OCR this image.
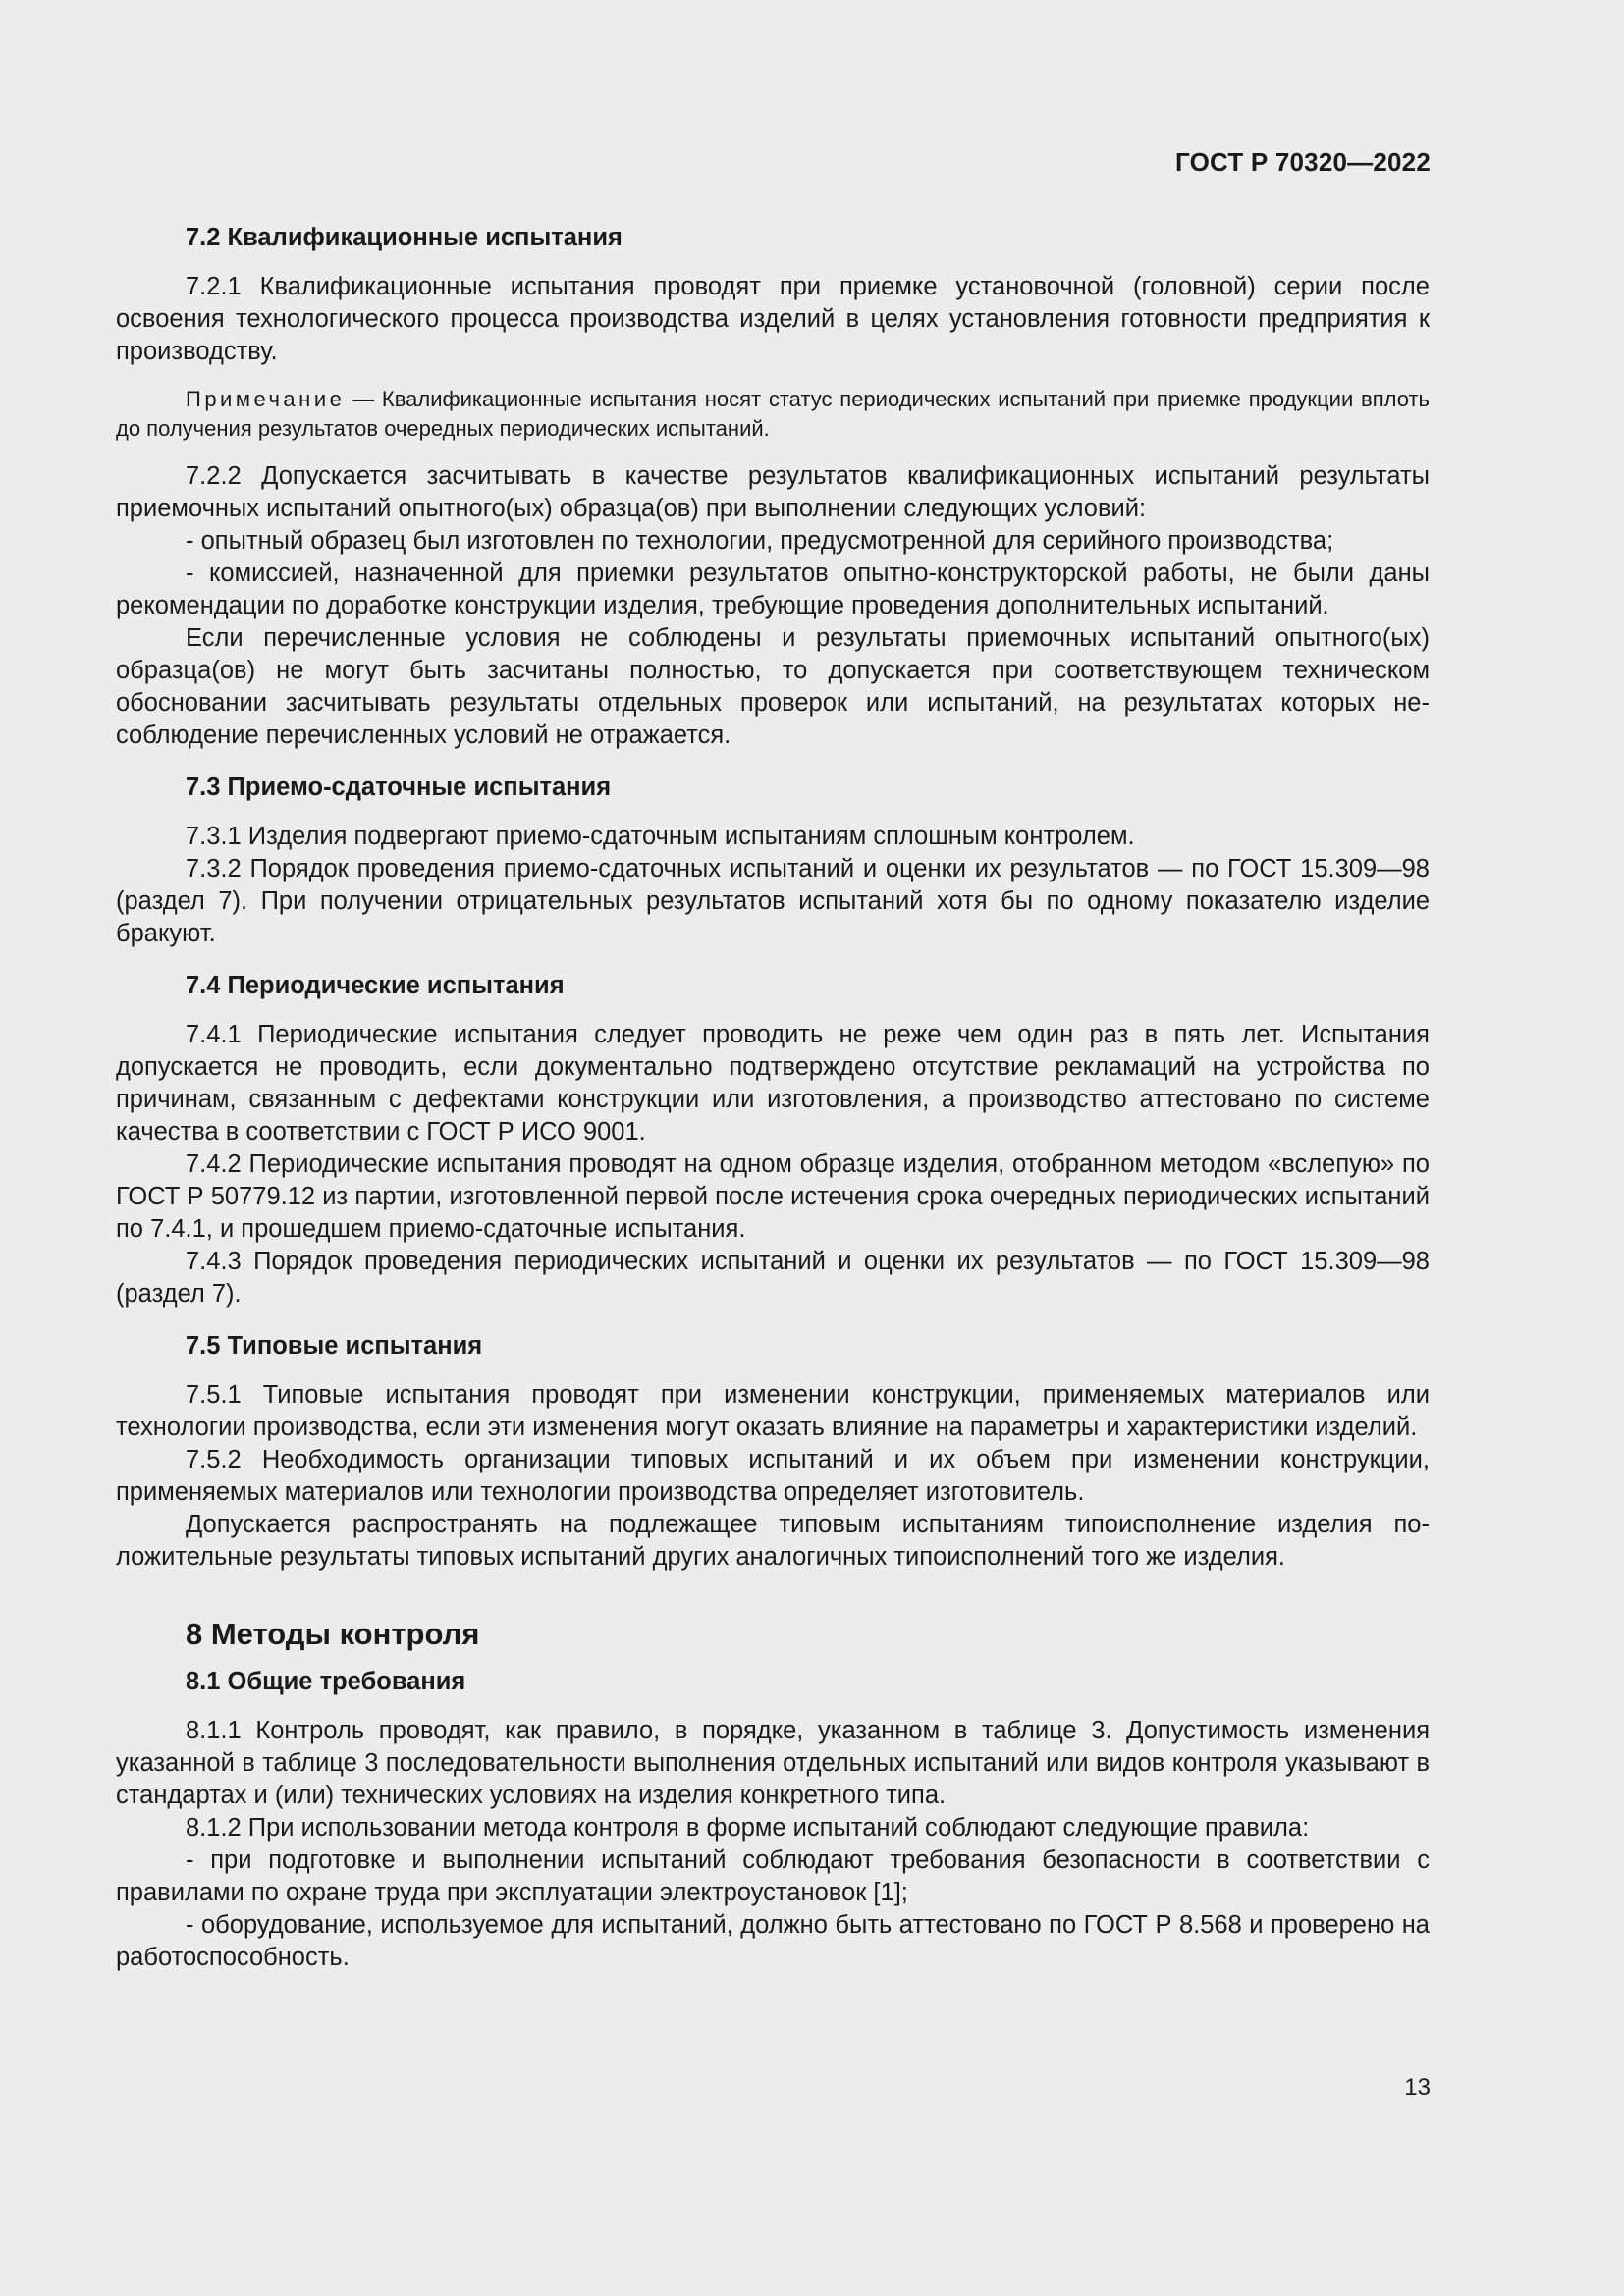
ГОСТ Р 70320—2022
7.2 Квалификационные испытания

7.2.1 Квалификационные испытания проводят при приемке установочной (головной) серии после освоения технологического процесса производства изделий в целях установления готовности предприятия к производству.

Примечание — Квалификационные испытания носят статус периодических испытаний при приемке продукции вплоть до получения результатов очередных периодических испытаний.

7.2.2 Допускается засчитывать в качестве результатов квалификационных испытаний результаты приемочных испытаний опытного(ых) образца(ов) при выполнении следующих условий:

- опытный образец был изготовлен по технологии, предусмотренной для серийного производства;

- комиссией, назначенной для приемки результатов опытно-конструкторской работы, не были даны рекомендации по доработке конструкции изделия, требующие проведения дополнительных испытаний.

Если перечисленные условия не соблюдены и результаты приемочных испытаний опытного(ых) образца(ов) не могут быть засчитаны полностью, то допускается при соответствующем техническом обосновании засчитывать результаты отдельных проверок или испытаний, на результатах которых несоблюдение перечисленных условий не отражается.

7.3 Приемо-сдаточные испытания

7.3.1 Изделия подвергают приемо-сдаточным испытаниям сплошным контролем.

7.3.2 Порядок проведения приемо-сдаточных испытаний и оценки их результатов — по ГОСТ 15.309—98 (раздел 7). При получении отрицательных результатов испытаний хотя бы по одному показателю изделие бракуют.

7.4 Периодические испытания

7.4.1 Периодические испытания следует проводить не реже чем один раз в пять лет. Испытания допускается не проводить, если документально подтверждено отсутствие рекламаций на устройства по причинам, связанным с дефектами конструкции или изготовления, а производство аттестовано по системе качества в соответствии с ГОСТ Р ИСО 9001.

7.4.2 Периодические испытания проводят на одном образце изделия, отобранном методом «вслепую» по ГОСТ Р 50779.12 из партии, изготовленной первой после истечения срока очередных периодических испытаний по 7.4.1, и прошедшем приемо-сдаточные испытания.

7.4.3 Порядок проведения периодических испытаний и оценки их результатов — по ГОСТ 15.309—98 (раздел 7).

7.5 Типовые испытания

7.5.1 Типовые испытания проводят при изменении конструкции, применяемых материалов или технологии производства, если эти изменения могут оказать влияние на параметры и характеристики изделий.

7.5.2 Необходимость организации типовых испытаний и их объем при изменении конструкции, применяемых материалов или технологии производства определяет изготовитель.

Допускается распространять на подлежащее типовым испытаниям типоисполнение изделия положительные результаты типовых испытаний других аналогичных типоисполнений того же изделия.

8 Методы контроля
8.1 Общие требования

8.1.1 Контроль проводят, как правило, в порядке, указанном в таблице 3. Допустимость изменения указанной в таблице 3 последовательности выполнения отдельных испытаний или видов контроля указывают в стандартах и (или) технических условиях на изделия конкретного типа.

8.1.2 При использовании метода контроля в форме испытаний соблюдают следующие правила:

- при подготовке и выполнении испытаний соблюдают требования безопасности в соответствии с правилами по охране труда при эксплуатации электроустановок [1];

- оборудование, используемое для испытаний, должно быть аттестовано по ГОСТ Р 8.568 и проверено на работоспособность.

13
